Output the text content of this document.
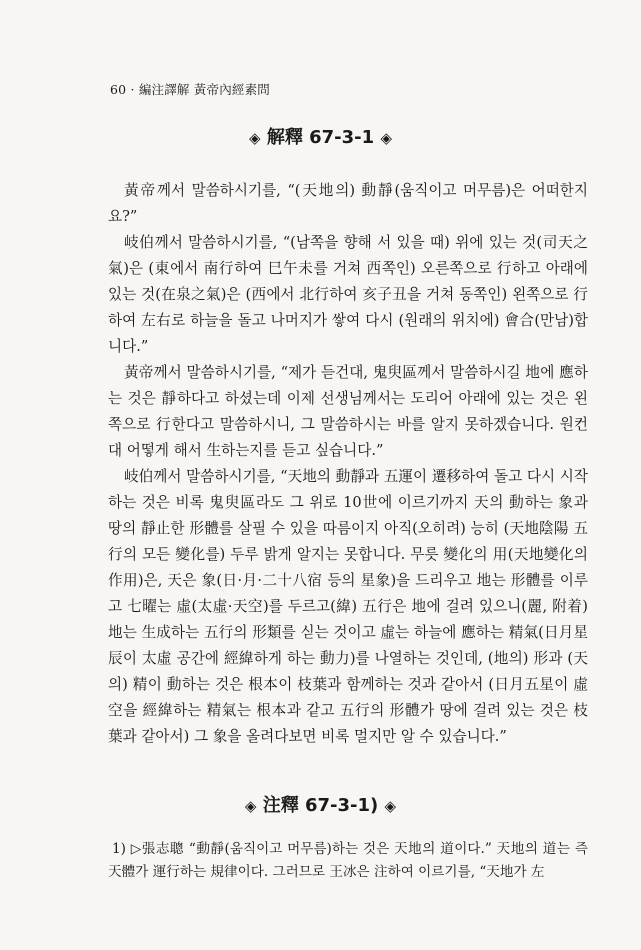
60 · 編注譯解 黃帝內經素問
◈ 解釋 67-3-1 ◈

黃帝께서 말씀하시기를, “(天地의) 動靜(움직이고 머무름)은 어떠한지요?”

岐伯께서 말씀하시기를, “(남쪽을 향해 서 있을 때) 위에 있는 것(司天之氣)은 (東에서 南行하여 巳午未를 거쳐 西쪽인) 오른쪽으로 行하고 아래에 있는 것(在泉之氣)은 (西에서 北行하여 亥子丑을 거쳐 동쪽인) 왼쪽으로 行하여 左右로 하늘을 돌고 나머지가 쌓여 다시 (원래의 위치에) 會合(만남)합니다.”

黃帝께서 말씀하시기를, “제가 듣건대, 鬼臾區께서 말씀하시길 地에 應하는 것은 靜하다고 하셨는데 이제 선생님께서는 도리어 아래에 있는 것은 왼쪽으로 行한다고 말씀하시니, 그 말씀하시는 바를 알지 못하겠습니다. 원컨대 어떻게 해서 生하는지를 듣고 싶습니다.”

岐伯께서 말씀하시기를, “天地의 動靜과 五運이 遷移하여 돌고 다시 시작하는 것은 비록 鬼臾區라도 그 위로 10世에 이르기까지 天의 動하는 象과 땅의 靜止한 形體를 살필 수 있을 따름이지 아직(오히려) 능히 (天地陰陽 五行의 모든 變化를) 두루 밝게 알지는 못합니다. 무릇 變化의 用(天地變化의 作用)은, 天은 象(日·月·二十八宿 등의 星象)을 드리우고 地는 形體를 이루고 七曜는 虛(太虛·天空)를 두르고(緯) 五行은 地에 걸려 있으니(麗, 附着) 地는 生成하는 五行의 形類를 싣는 것이고 虛는 하늘에 應하는 精氣(日月星辰이 太虛 공간에 經緯하게 하는 動力)를 나열하는 것인데, (地의) 形과 (天의) 精이 動하는 것은 根本이 枝葉과 함께하는 것과 같아서 (日月五星이 虛空을 經緯하는 精氣는 根本과 같고 五行의 形體가 땅에 걸려 있는 것은 枝葉과 같아서) 그 象을 올려다보면 비록 멀지만 알 수 있습니다.”

◈ 注釋 67-3-1) ◈

1) ▷張志聰 “動靜(움직이고 머무름)하는 것은 天地의 道이다.” 天地의 道는 즉 天體가 運行하는 規律이다. 그러므로 王冰은 注하여 이르기를, “天地가 左
